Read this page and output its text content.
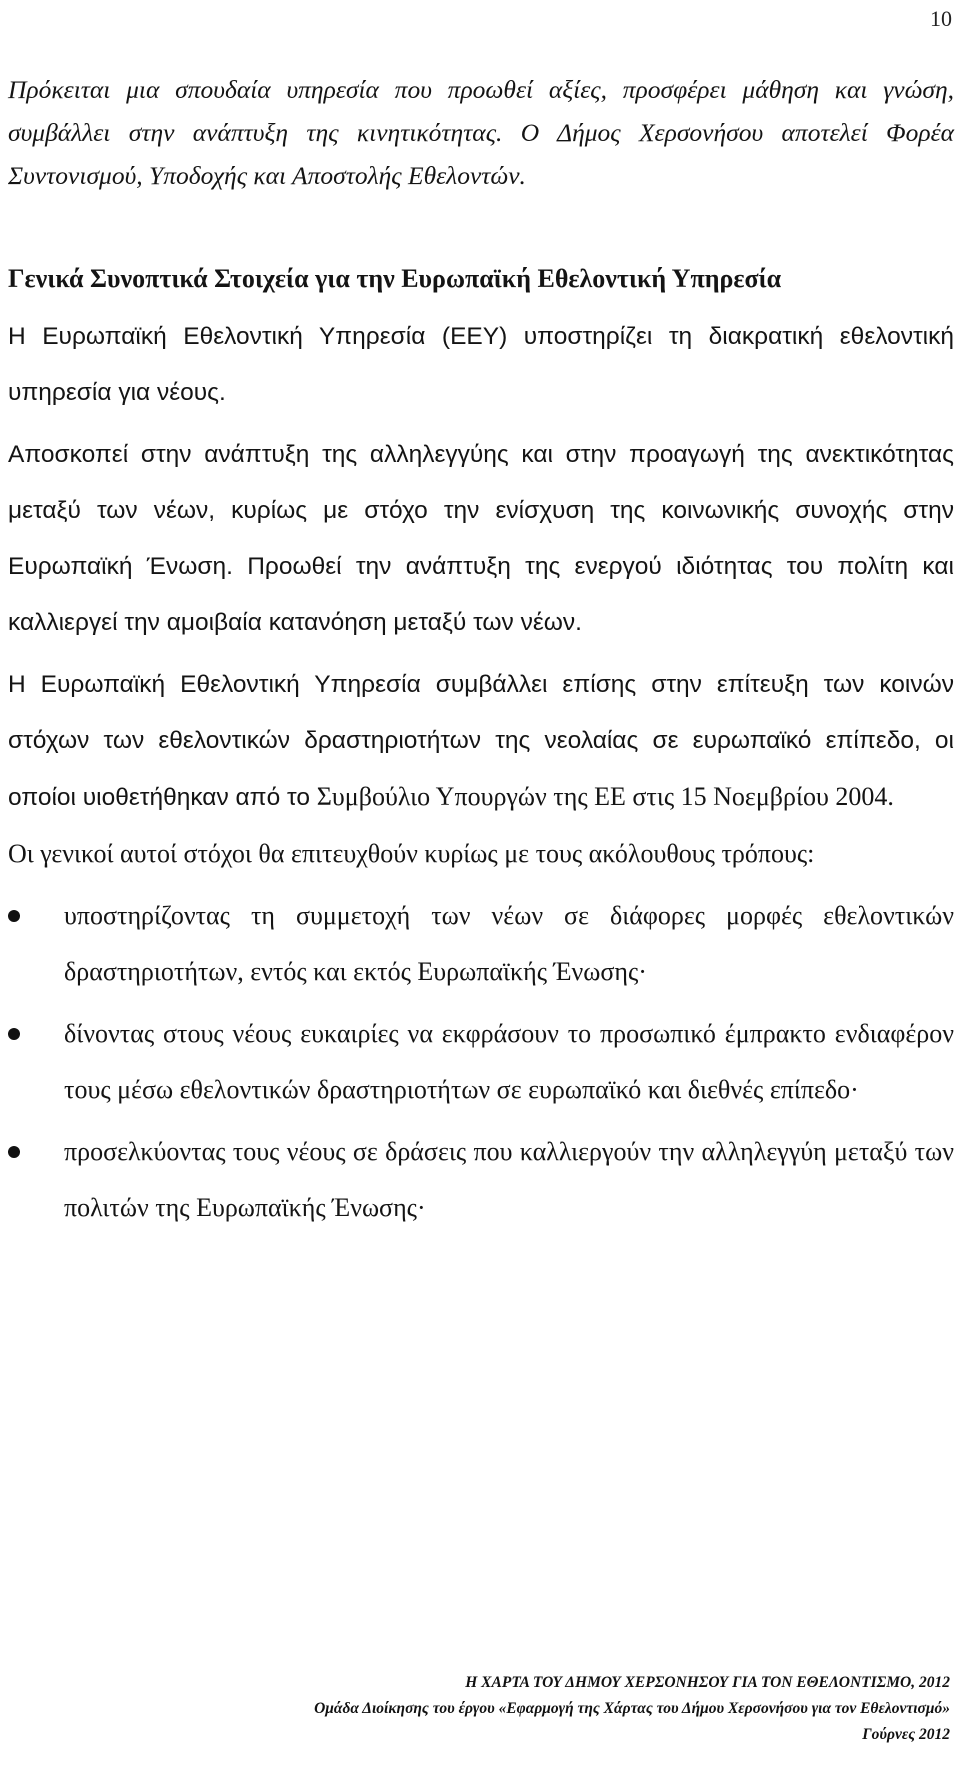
10

Πρόκειται μια σπουδαία υπηρεσία που προωθεί αξίες, προσφέρει μάθηση και γνώση, συμβάλλει στην ανάπτυξη της κινητικότητας. Ο Δήμος Χερσονήσου αποτελεί Φορέα Συντονισμού, Υποδοχής και Αποστολής Εθελοντών.

Γενικά Συνοπτικά Στοιχεία για την Ευρωπαϊκή Εθελοντική Υπηρεσία

Η Ευρωπαϊκή Εθελοντική Υπηρεσία (ΕΕΥ) υποστηρίζει τη διακρατική εθελοντική υπηρεσία για νέους.

Αποσκοπεί στην ανάπτυξη της αλληλεγγύης και στην προαγωγή της ανεκτικότητας μεταξύ των νέων, κυρίως με στόχο την ενίσχυση της κοινωνικής συνοχής στην Ευρωπαϊκή Ένωση. Προωθεί την ανάπτυξη της ενεργού ιδιότητας του πολίτη και καλλιεργεί την αμοιβαία κατανόηση μεταξύ των νέων.

Η Ευρωπαϊκή Εθελοντική Υπηρεσία συμβάλλει επίσης στην επίτευξη των κοινών στόχων των εθελοντικών δραστηριοτήτων της νεολαίας σε ευρωπαϊκό επίπεδο, οι οποίοι υιοθετήθηκαν από το Συμβούλιο Υπουργών της ΕΕ στις 15 Νοεμβρίου 2004.

Οι γενικοί αυτοί στόχοι θα επιτευχθούν κυρίως με τους ακόλουθους τρόπους:

υποστηρίζοντας τη συμμετοχή των νέων σε διάφορες μορφές εθελοντικών δραστηριοτήτων, εντός και εκτός Ευρωπαϊκής Ένωσης·
δίνοντας στους νέους ευκαιρίες να εκφράσουν το προσωπικό έμπρακτο ενδιαφέρον τους μέσω εθελοντικών δραστηριοτήτων σε ευρωπαϊκό και διεθνές επίπεδο·
προσελκύοντας τους νέους σε δράσεις που καλλιεργούν την αλληλεγγύη μεταξύ των πολιτών της Ευρωπαϊκής Ένωσης·
Η ΧΑΡΤΑ ΤΟΥ ΔΗΜΟΥ ΧΕΡΣΟΝΗΣΟΥ ΓΙΑ ΤΟΝ ΕΘΕΛΟΝΤΙΣΜΟ, 2012
Ομάδα Διοίκησης του έργου «Εφαρμογή της Χάρτας του Δήμου Χερσονήσου για τον Εθελοντισμό»
Γούρνες 2012
